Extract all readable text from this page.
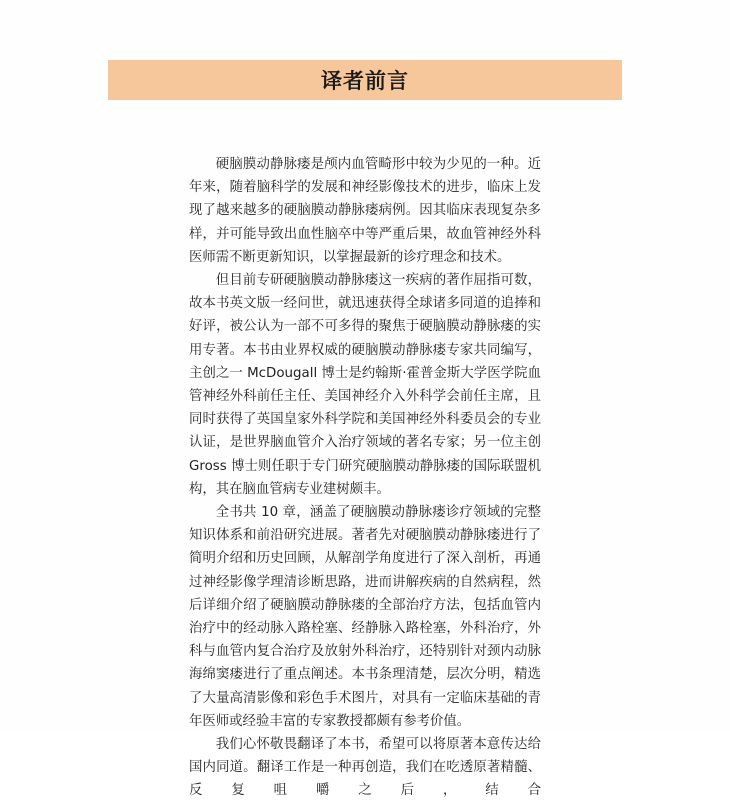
译者前言

硬脑膜动静脉瘘是颅内血管畸形中较为少见的一种。近年来，随着脑科学的发展和神经影像技术的进步，临床上发现了越来越多的硬脑膜动静脉瘘病例。因其临床表现复杂多样，并可能导致出血性脑卒中等严重后果，故血管神经外科医师需不断更新知识，以掌握最新的诊疗理念和技术。

但目前专研硬脑膜动静脉瘘这一疾病的著作屈指可数，故本书英文版一经问世，就迅速获得全球诸多同道的追捧和好评，被公认为一部不可多得的聚焦于硬脑膜动静脉瘘的实用专著。本书由业界权威的硬脑膜动静脉瘘专家共同编写，主创之一 McDougall 博士是约翰斯·霍普金斯大学医学院血管神经外科前任主任、美国神经介入外科学会前任主席，且同时获得了英国皇家外科学院和美国神经外科委员会的专业认证，是世界脑血管介入治疗领域的著名专家；另一位主创 Gross 博士则任职于专门研究硬脑膜动静脉瘘的国际联盟机构，其在脑血管病专业建树颇丰。

全书共 10 章，涵盖了硬脑膜动静脉瘘诊疗领域的完整知识体系和前沿研究进展。著者先对硬脑膜动静脉瘘进行了简明介绍和历史回顾，从解剖学角度进行了深入剖析，再通过神经影像学理清诊断思路，进而讲解疾病的自然病程，然后详细介绍了硬脑膜动静脉瘘的全部治疗方法，包括血管内治疗中的经动脉入路栓塞、经静脉入路栓塞，外科治疗，外科与血管内复合治疗及放射外科治疗，还特别针对颈内动脉海绵窦瘘进行了重点阐述。本书条理清楚，层次分明，精选了大量高清影像和彩色手术图片，对具有一定临床基础的青年医师或经验丰富的专家教授都颇有参考价值。

我们心怀敬畏翻译了本书，希望可以将原著本意传达给国内同道。翻译工作是一种再创造，我们在吃透原著精髓、反复咀嚼之后，结合
